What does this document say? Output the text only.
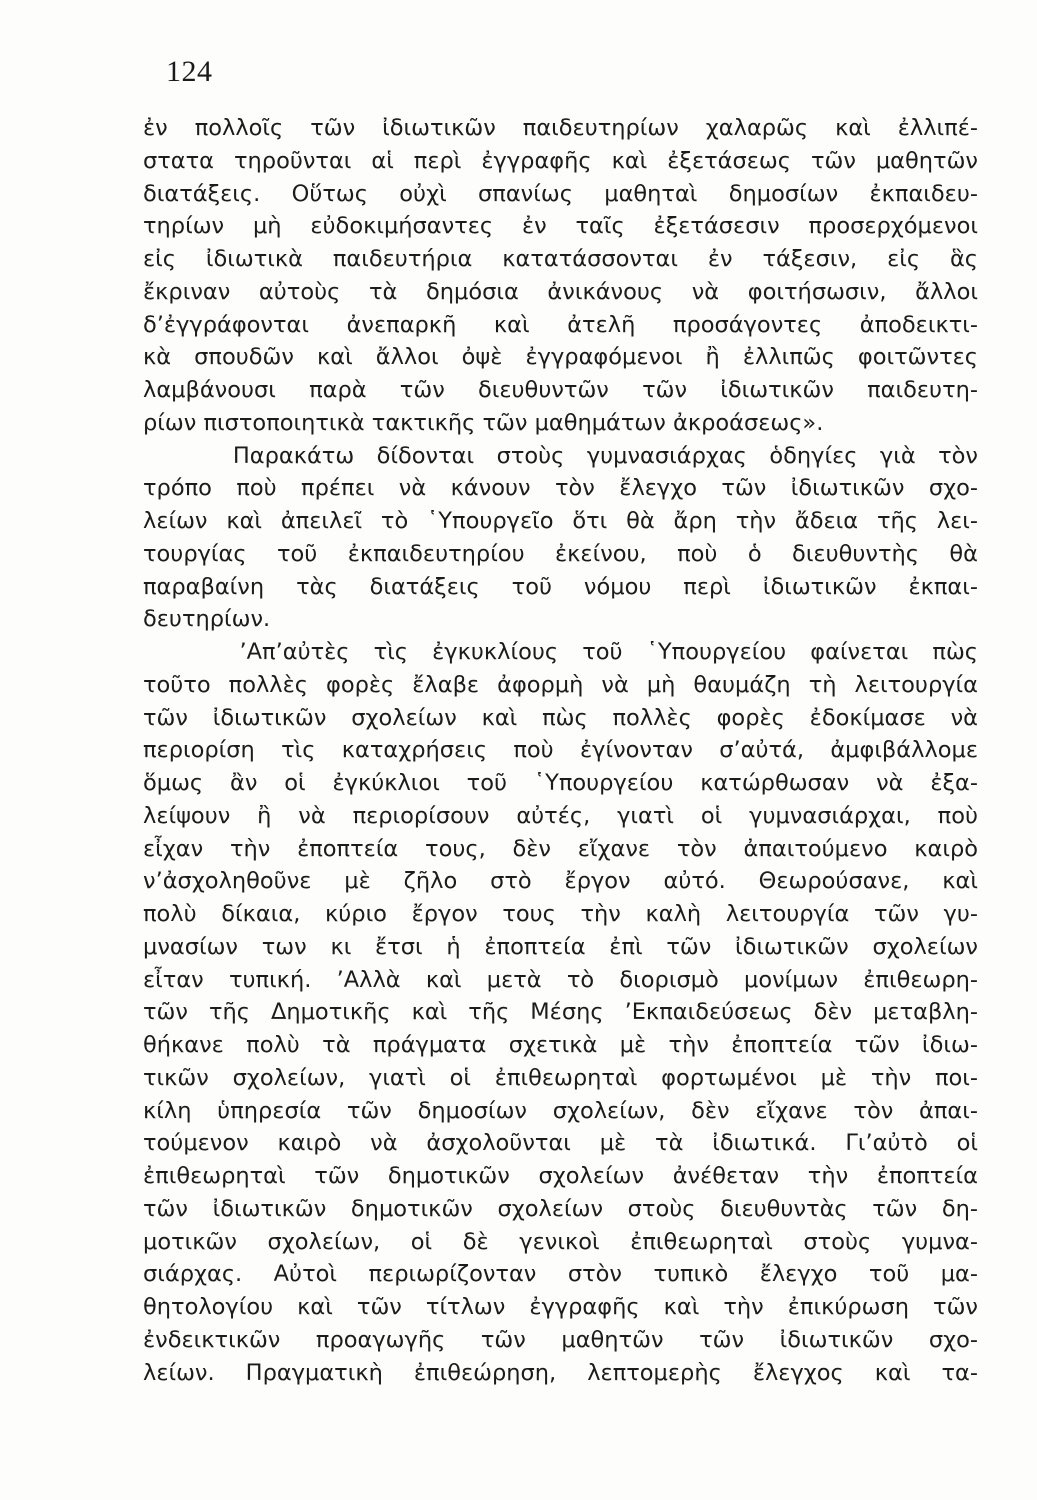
124
ἐν πολλοῖς τῶν ἰδιωτικῶν παιδευτηρίων χαλαρῶς καὶ ἐλλιπέ-
στατα τηροῦνται αἱ περὶ ἐγγραφῆς καὶ ἐξετάσεως τῶν μαθητῶν
διατάξεις. Οὕτως οὐχὶ σπανίως μαθηταὶ δημοσίων ἐκπαιδευ-
τηρίων μὴ εὐδοκιμήσαντες ἐν ταῖς ἐξετάσεσιν προσερχόμενοι
εἰς ἰδιωτικὰ παιδευτήρια κατατάσσονται ἐν τάξεσιν, εἰς ἃς
ἔκριναν αὐτοὺς τὰ δημόσια ἀνικάνους νὰ φοιτήσωσιν, ἄλλοι
δ’ἐγγράφονται ἀνεπαρκῆ καὶ ἀτελῆ προσάγοντες ἀποδεικτι-
κὰ σπουδῶν καὶ ἄλλοι ὀψὲ ἐγγραφόμενοι ἢ ἐλλιπῶς φοιτῶντες
λαμβάνουσι παρὰ τῶν διευθυντῶν τῶν ἰδιωτικῶν παιδευτη-
ρίων πιστοποιητικὰ τακτικῆς τῶν μαθημάτων ἀκροάσεως».
Παρακάτω δίδονται στοὺς γυμνασιάρχας ὁδηγίες γιὰ τὸν
τρόπο ποὺ πρέπει νὰ κάνουν τὸν ἔλεγχο τῶν ἰδιωτικῶν σχο-
λείων καὶ ἀπειλεῖ τὸ ῾Υπουργεῖο ὅτι θὰ ἄρη τὴν ἄδεια τῆς λει-
τουργίας τοῦ ἐκπαιδευτηρίου ἐκείνου, ποὺ ὁ διευθυντὴς θὰ
παραβαίνη τὰς διατάξεις τοῦ νόμου περὶ ἰδιωτικῶν ἐκπαι-
δευτηρίων.
’Απ’αὐτὲς τὶς ἐγκυκλίους τοῦ ῾Υπουργείου φαίνεται πὼς
τοῦτο πολλὲς φορὲς ἔλαβε ἀφορμὴ νὰ μὴ θαυμάζη τὴ λειτουργία
τῶν ἰδιωτικῶν σχολείων καὶ πὼς πολλὲς φορὲς ἐδοκίμασε νὰ
περιορίση τὶς καταχρήσεις ποὺ ἐγίνονταν σ’αὐτά, ἀμφιβάλλομε
ὅμως ἂν οἱ ἐγκύκλιοι τοῦ ῾Υπουργείου κατώρθωσαν νὰ ἐξα-
λείψουν ἢ νὰ περιορίσουν αὐτές, γιατὶ οἱ γυμνασιάρχαι, ποὺ
εἶχαν τὴν ἐποπτεία τους, δὲν εἴχανε τὸν ἀπαιτούμενο καιρὸ
ν’ἀσχοληθοῦνε μὲ ζῆλο στὸ ἔργον αὐτό. Θεωρούσανε, καὶ
πολὺ δίκαια, κύριο ἔργον τους τὴν καλὴ λειτουργία τῶν γυ-
μνασίων των κι ἔτσι ἡ ἐποπτεία ἐπὶ τῶν ἰδιωτικῶν σχολείων
εἶταν τυπική. ’Αλλὰ καὶ μετὰ τὸ διορισμὸ μονίμων ἐπιθεωρη-
τῶν τῆς Δημοτικῆς καὶ τῆς Μέσης ’Εκπαιδεύσεως δὲν μεταβλη-
θήκανε πολὺ τὰ πράγματα σχετικὰ μὲ τὴν ἐποπτεία τῶν ἰδιω-
τικῶν σχολείων, γιατὶ οἱ ἐπιθεωρηταὶ φορτωμένοι μὲ τὴν ποι-
κίλη ὑπηρεσία τῶν δημοσίων σχολείων, δὲν εἴχανε τὸν ἀπαι-
τούμενον καιρὸ νὰ ἀσχολοῦνται μὲ τὰ ἰδιωτικά. Γι’αὐτὸ οἱ
ἐπιθεωρηταὶ τῶν δημοτικῶν σχολείων ἀνέθεταν τὴν ἐποπτεία
τῶν ἰδιωτικῶν δημοτικῶν σχολείων στοὺς διευθυντὰς τῶν δη-
μοτικῶν σχολείων, οἱ δὲ γενικοὶ ἐπιθεωρηταὶ στοὺς γυμνα-
σιάρχας. Αὐτοὶ περιωρίζονταν στὸν τυπικὸ ἔλεγχο τοῦ μα-
θητολογίου καὶ τῶν τίτλων ἐγγραφῆς καὶ τὴν ἐπικύρωση τῶν
ἐνδεικτικῶν προαγωγῆς τῶν μαθητῶν τῶν ἰδιωτικῶν σχο-
λείων. Πραγματικὴ ἐπιθεώρηση, λεπτομερὴς ἔλεγχος καὶ τα-
